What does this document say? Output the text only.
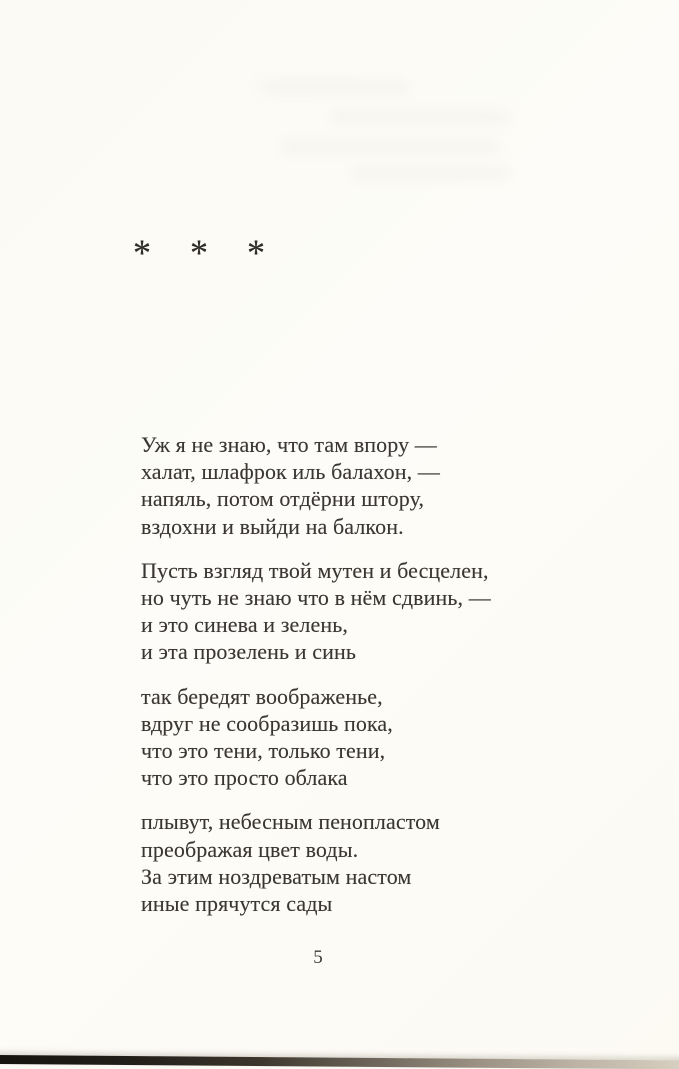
* * *
Уж я не знаю, что там впору —
халат, шлафрок иль балахон, —
напяль, потом отдёрни штору,
вздохни и выйди на балкон.
Пусть взгляд твой мутен и бесцелен,
но чуть не знаю что в нём сдвинь, —
и это синева и зелень,
и эта прозелень и синь
так бередят воображенье,
вдруг не сообразишь пока,
что это тени, только тени,
что это просто облака
плывут, небесным пенопластом
преображая цвет воды.
За этим ноздреватым настом
иные прячутся сады
5
